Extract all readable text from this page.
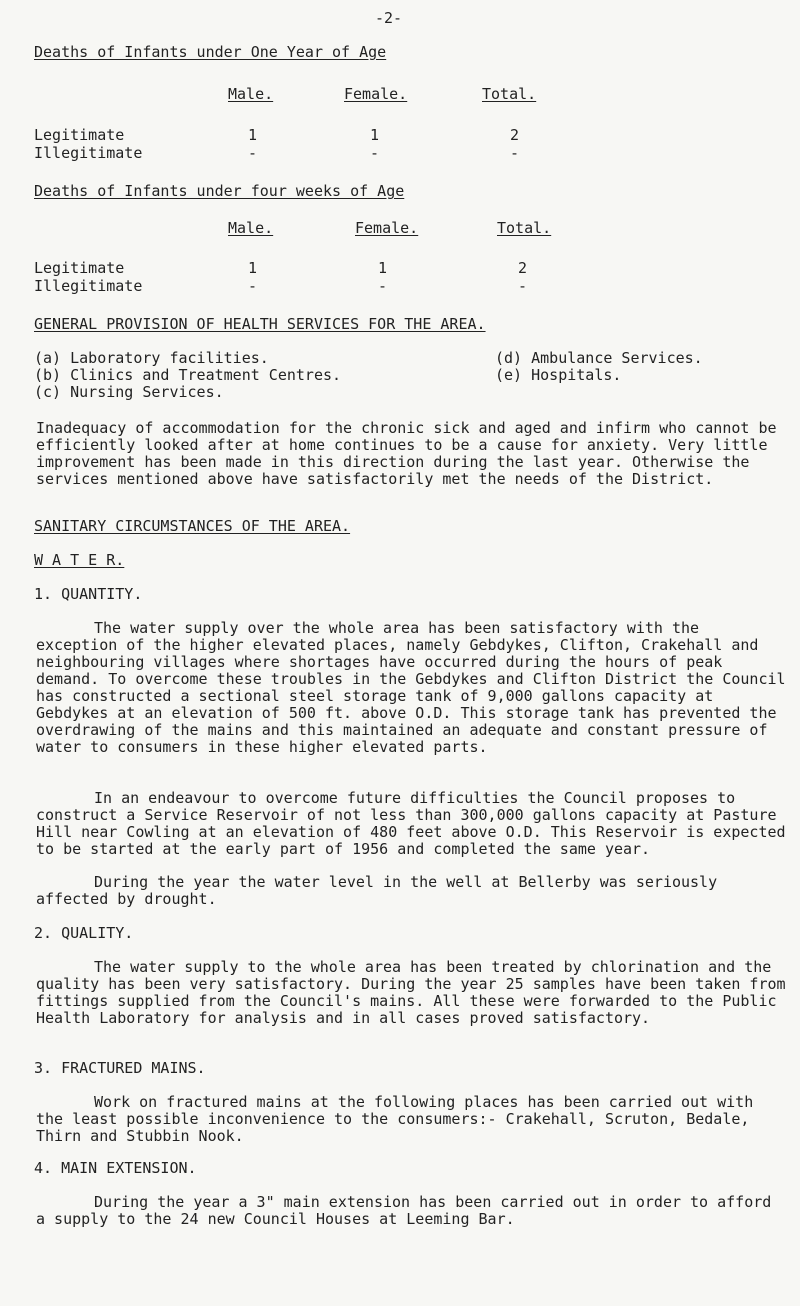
-2-
Deaths of Infants under One Year of Age
Male.	Female.	Total.
Legitimate	1	1	2
Illegitimate	-	-	-
Deaths of Infants under four weeks of Age
Male.	Female.	Total.
Legitimate	1	1	2
Illegitimate	-	-	-
GENERAL PROVISION OF HEALTH SERVICES FOR THE AREA.
(a) Laboratory facilities.
(b) Clinics and Treatment Centres.
(c) Nursing Services.
(d) Ambulance Services.
(e) Hospitals.

Inadequacy of accommodation for the chronic sick and aged and infirm who cannot be efficiently looked after at home continues to be a cause for anxiety. Very little improvement has been made in this direction during the last year. Otherwise the services mentioned above have satisfactorily met the needs of the District.

SANITARY CIRCUMSTANCES OF THE AREA.
W A T E R.
1. QUANTITY.

The water supply over the whole area has been satisfactory with the exception of the higher elevated places, namely Gebdykes, Clifton, Crakehall and neighbouring villages where shortages have occurred during the hours of peak demand. To overcome these troubles in the Gebdykes and Clifton District the Council has constructed a sectional steel storage tank of 9,000 gallons capacity at Gebdykes at an elevation of 500 ft. above O.D. This storage tank has prevented the overdrawing of the mains and this maintained an adequate and constant pressure of water to consumers in these higher elevated parts.

In an endeavour to overcome future difficulties the Council proposes to construct a Service Reservoir of not less than 300,000 gallons capacity at Pasture Hill near Cowling at an elevation of 480 feet above O.D. This Reservoir is expected to be started at the early part of 1956 and completed the same year.

During the year the water level in the well at Bellerby was seriously affected by drought.

2. QUALITY.

The water supply to the whole area has been treated by chlorination and the quality has been very satisfactory. During the year 25 samples have been taken from fittings supplied from the Council's mains. All these were forwarded to the Public Health Laboratory for analysis and in all cases proved satisfactory.

3. FRACTURED MAINS.

Work on fractured mains at the following places has been carried out with the least possible inconvenience to the consumers:- Crakehall, Scruton, Bedale, Thirn and Stubbin Nook.

4. MAIN EXTENSION.

During the year a 3" main extension has been carried out in order to afford a supply to the 24 new Council Houses at Leeming Bar.
